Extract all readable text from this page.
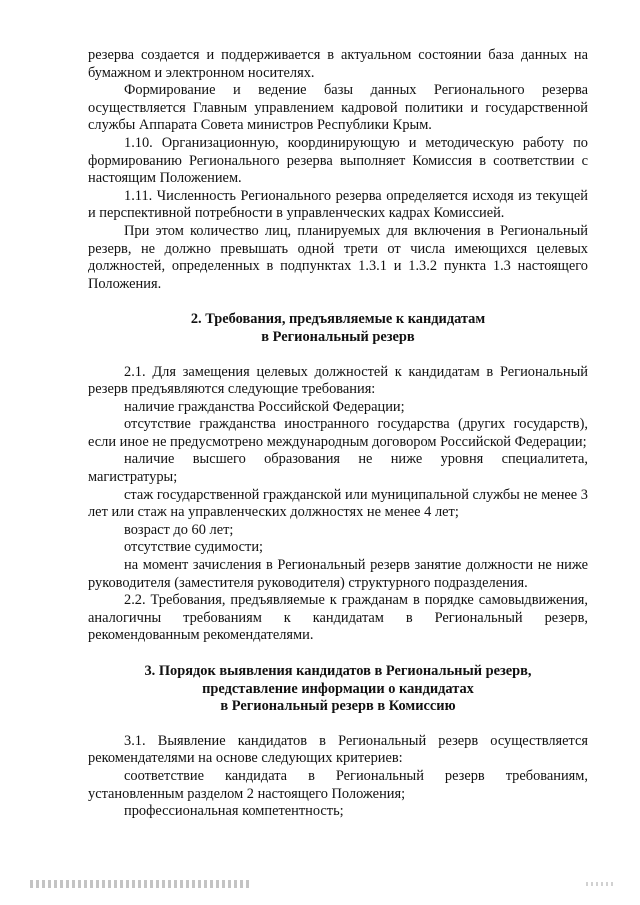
резерва создается и поддерживается в актуальном состоянии база данных на бумажном и электронном носителях.

Формирование и ведение базы данных Регионального резерва осуществляется Главным управлением кадровой политики и государственной службы Аппарата Совета министров Республики Крым.

1.10. Организационную, координирующую и методическую работу по формированию Регионального резерва выполняет Комиссия в соответствии с настоящим Положением.

1.11. Численность Регионального резерва определяется исходя из текущей и перспективной потребности в управленческих кадрах Комиссией.

При этом количество лиц, планируемых для включения в Региональный резерв, не должно превышать одной трети от числа имеющихся целевых должностей, определенных в подпунктах 1.3.1 и 1.3.2 пункта 1.3 настоящего Положения.

2. Требования, предъявляемые к кандидатам

в Региональный резерв

2.1. Для замещения целевых должностей к кандидатам в Региональный резерв предъявляются следующие требования:

наличие гражданства Российской Федерации;

отсутствие гражданства иностранного государства (других государств), если иное не предусмотрено международным договором Российской Федерации;

наличие высшего образования не ниже уровня специалитета, магистратуры;

стаж государственной гражданской или муниципальной службы не менее 3 лет или стаж на управленческих должностях не менее 4 лет;

возраст до 60 лет;

отсутствие судимости;

на момент зачисления в Региональный резерв занятие должности не ниже руководителя (заместителя руководителя) структурного подразделения.

2.2. Требования, предъявляемые к гражданам в порядке самовыдвижения, аналогичны требованиям к кандидатам в Региональный резерв, рекомендованным рекомендателями.

3. Порядок выявления кандидатов в Региональный резерв,

представление информации о кандидатах

в Региональный резерв в Комиссию

3.1. Выявление кандидатов в Региональный резерв осуществляется рекомендателями на основе следующих критериев:

соответствие кандидата в Региональный резерв требованиям, установленным разделом 2 настоящего Положения;

профессиональная компетентность;
